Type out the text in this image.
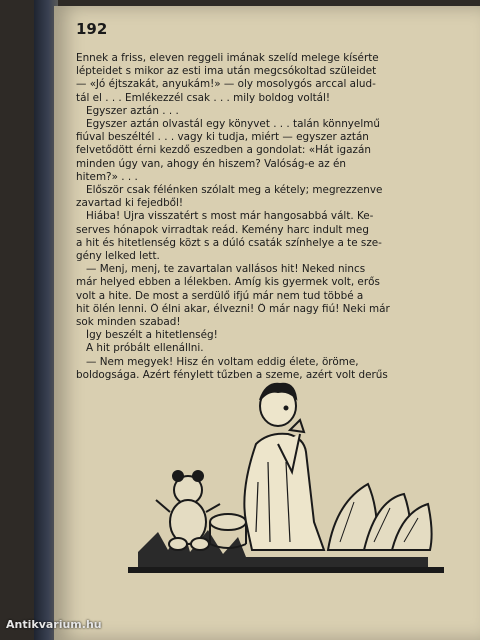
192
Ennek a friss, eleven reggeli imának szelíd melege kísérte
lépteidet s mikor az esti ima után megcsókoltad szüleidet
— «Jó éjtszakát, anyukám!» — oly mosolygós arccal alud-
tál el . . . Emlékezzél csak . . . mily boldog voltál!
Egyszer aztán . . .
Egyszer aztán olvastál egy könyvet . . . talán könnyelmű
fiúval beszéltél . . . vagy ki tudja, miért — egyszer aztán
felvetődött érni kezdő eszedben a gondolat: «Hát igazán
minden úgy van, ahogy én hiszem? Valóság-e az én
hitem?» . . .
Először csak félénken szólalt meg a kétely; megrezzenve
zavartad ki fejedből!
Hiába! Újra visszatért s most már hangosabbá vált. Ke-
serves hónapok virradtak reád. Kemény harc indult meg
a hit és hitetlenség közt s a dúló csaták színhelye a te sze-
gény lelked lett.
— Menj, menj, te zavartalan vallásos hit! Neked nincs
már helyed ebben a lélekben. Amíg kis gyermek volt, erős
volt a hite. De most a serdülő ifjú már nem tud többé a
hit ölén lenni. Ő élni akar, élvezni! Ő már nagy fiú! Neki már
sok minden szabad!
Így beszélt a hitetlenség!
A hit próbált ellenállni.
— Nem megyek! Hisz én voltam eddig élete, öröme,
boldogsága. Azért fénylett tűzben a szeme, azért volt derűs
Antikvarium.hu
